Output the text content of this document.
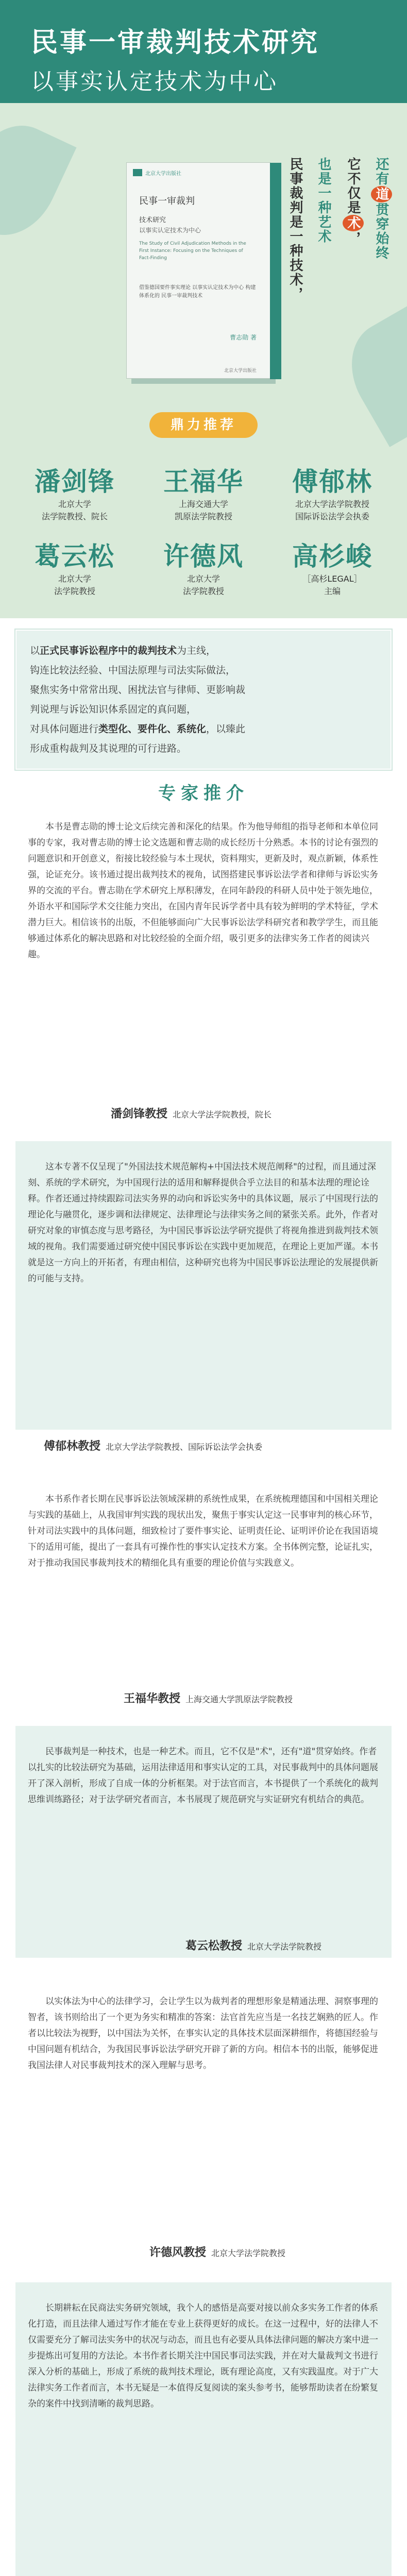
民事一审裁判技术研究
以事实认定技术为中心
北京大学出版社
民事一审裁判
技术研究
以事实认定技术为中心
The Study of Civil Adjudication Methods in the First Instance: Focusing on the Techniques of Fact-Finding
借鉴德国要件事实理论 以事实认定技术为中心 构建体系化的 民事一审裁判技术
曹志勋 著
北京大学出版社
民事裁判是一种技术，
也是一种艺术 它不仅是术，
还有道贯穿始终
鼎力推荐
潘剑锋
北京大学
法学院教授、院长
王福华
上海交通大学
凯原法学院教授
傅郁林
北京大学法学院教授
国际诉讼法学会执委
葛云松
北京大学
法学院教授
许德风
北京大学
法学院教授
高杉峻
［高杉LEGAL］
主编

以正式民事诉讼程序中的裁判技术为主线，

钩连比较法经验、中国法原理与司法实际做法，

聚焦实务中常常出现、困扰法官与律师、更影响裁

判说理与诉讼知识体系固定的真问题，

对具体问题进行类型化、要件化、系统化，以臻此

形成重构裁判及其说理的可行进路。

专家推介

本书是曹志勋的博士论文后续完善和深化的结果。作为他导师组的指导老师和本单位同事的专家，我对曹志勋的博士论文选题和曹志勋的成长经历十分熟悉。本书的讨论有强烈的问题意识和开创意义，衔接比较经验与本土现状，资料翔实，更新及时，观点新颖，体系性强，论证充分。该书通过提出裁判技术的视角，试图搭建民事诉讼法学者和律师与诉讼实务界的交流的平台。曹志勋在学术研究上厚积薄发，在同年龄段的科研人员中处于领先地位，外语水平和国际学术交往能力突出，在国内青年民诉学者中具有较为鲜明的学术特征，学术潜力巨大。相信该书的出版，不但能够面向广大民事诉讼法学科研究者和教学学生，而且能够通过体系化的解决思路和对比较经验的全面介绍，吸引更多的法律实务工作者的阅读兴趣。

潘剑锋教授 北京大学法学院教授，院长

这本专著不仅呈现了"外国法技术规范解构+中国法技术规范阐释"的过程，而且通过深刻、系统的学术研究，为中国现行法的适用和解释提供合乎立法目的和基本法理的理论诠释。作者还通过持续跟踪司法实务界的动向和诉讼实务中的具体议题，展示了中国现行法的理论化与融贯化，逐步调和法律规定、法律理论与法律实务之间的紧张关系。此外，作者对研究对象的审慎态度与思考路径，为中国民事诉讼法学研究提供了将视角推进到裁判技术领域的视角。我们需要通过研究使中国民事诉讼在实践中更加规范，在理论上更加严谨。本书就是这一方向上的开拓者，有理由相信，这种研究也将为中国民事诉讼法理论的发展提供新的可能与支持。

傅郁林教授 北京大学法学院教授、国际诉讼法学会执委

本书系作者长期在民事诉讼法领域深耕的系统性成果，在系统梳理德国和中国相关理论与实践的基础上，从我国审判实践的现状出发，聚焦于事实认定这一民事审判的核心环节，针对司法实践中的具体问题，细致检讨了要件事实论、证明责任论、证明评价论在我国语境下的适用可能，提出了一套具有可操作性的事实认定技术方案。全书体例完整，论证扎实，对于推动我国民事裁判技术的精细化具有重要的理论价值与实践意义。

王福华教授 上海交通大学凯原法学院教授

民事裁判是一种技术，也是一种艺术。而且，它不仅是"术"，还有"道"贯穿始终。作者以扎实的比较法研究为基础，运用法律适用和事实认定的工具，对民事裁判中的具体问题展开了深入剖析，形成了自成一体的分析框架。对于法官而言，本书提供了一个系统化的裁判思维训练路径；对于法学研究者而言，本书展现了规范研究与实证研究有机结合的典范。

葛云松教授 北京大学法学院教授

以实体法为中心的法律学习，会让学生以为裁判者的理想形象是精通法理、洞察事理的智者，该书则给出了一个更为务实和精准的答案：法官首先应当是一名技艺娴熟的匠人。作者以比较法为视野，以中国法为关怀，在事实认定的具体技术层面深耕细作，将德国经验与中国问题有机结合，为我国民事诉讼法学研究开辟了新的方向。相信本书的出版，能够促进我国法律人对民事裁判技术的深入理解与思考。

许德风教授 北京大学法学院教授

长期耕耘在民商法实务研究领域，我个人的感悟是高要对接以前众多实务工作者的体系化打造，而且法律人通过写作才能在专业上获得更好的成长。在这一过程中，好的法律人不仅需要充分了解司法实务中的状况与动态，而且也有必要从具体法律问题的解决方案中进一步提炼出可复用的方法论。本书作者长期关注中国民事司法实践，并在对大量裁判文书进行深入分析的基础上，形成了系统的裁判技术理论，既有理论高度，又有实践温度。对于广大法律实务工作者而言，本书无疑是一本值得反复阅读的案头参考书，能够帮助读者在纷繁复杂的案件中找到清晰的裁判思路。
